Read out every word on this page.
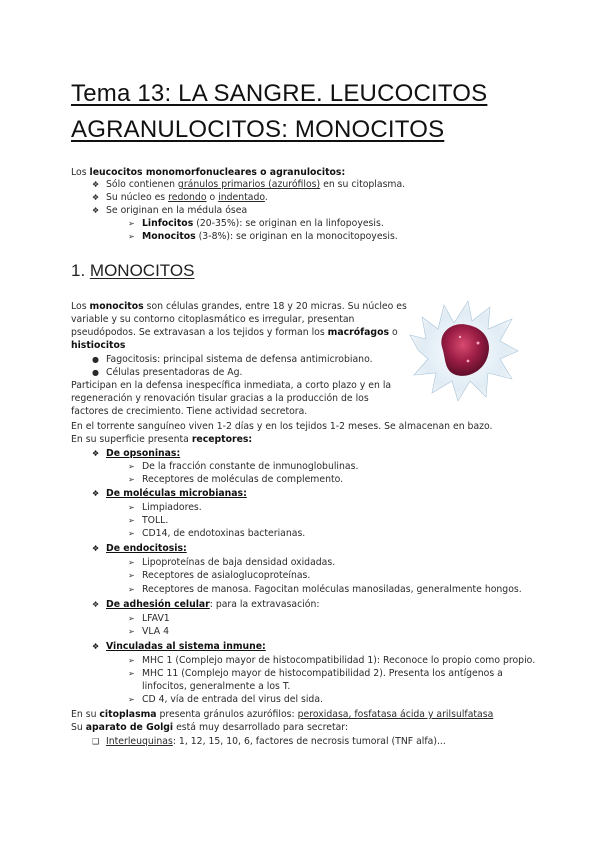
Tema 13: LA SANGRE. LEUCOCITOS
AGRANULOCITOS: MONOCITOS
Los leucocitos monomorfonucleares o agranulocitos:
❖ Sólo contienen gránulos primarios (azurófilos) en su citoplasma.
❖ Su núcleo es redondo o indentado.
❖ Se originan en la médula ósea
➢ Linfocitos (20-35%): se originan en la linfopoyesis.
➢ Monocitos (3-8%): se originan en la monocitopoyesis.
1. MONOCITOS
Los monocitos son células grandes, entre 18 y 20 micras. Su núcleo es
variable y su contorno citoplasmático es irregular, presentan
pseudópodos. Se extravasan a los tejidos y forman los macrófagos o
histiocitos
● Fagocitosis: principal sistema de defensa antimicrobiano.
● Células presentadoras de Ag.
Participan en la defensa inespecífica inmediata, a corto plazo y en la
regeneración y renovación tisular gracias a la producción de los
factores de crecimiento. Tiene actividad secretora.
En el torrente sanguíneo viven 1-2 días y en los tejidos 1-2 meses. Se almacenan en bazo.
En su superficie presenta receptores:
❖ De opsoninas:
➢ De la fracción constante de inmunoglobulinas.
➢ Receptores de moléculas de complemento.
❖ De moléculas microbianas:
➢ Limpiadores.
➢ TOLL.
➢ CD14, de endotoxinas bacterianas.
❖ De endocitosis:
➢ Lipoproteínas de baja densidad oxidadas.
➢ Receptores de asialoglucoproteínas.
➢ Receptores de manosa. Fagocitan moléculas manosiladas, generalmente hongos.
❖ De adhesión celular: para la extravasación:
➢ LFAV1
➢ VLA 4
❖ Vinculadas al sistema inmune:
➢ MHC 1 (Complejo mayor de histocompatibilidad 1): Reconoce lo propio como propio.
➢ MHC 11 (Complejo mayor de histocompatibilidad 2). Presenta los antígenos a
linfocitos, generalmente a los T.
➢ CD 4, vía de entrada del virus del sida.
En su citoplasma presenta gránulos azurófilos: peroxidasa, fosfatasa ácida y arilsulfatasa
Su aparato de Golgi está muy desarrollado para secretar:
❑ Interleuquinas: 1, 12, 15, 10, 6, factores de necrosis tumoral (TNF alfa)...
